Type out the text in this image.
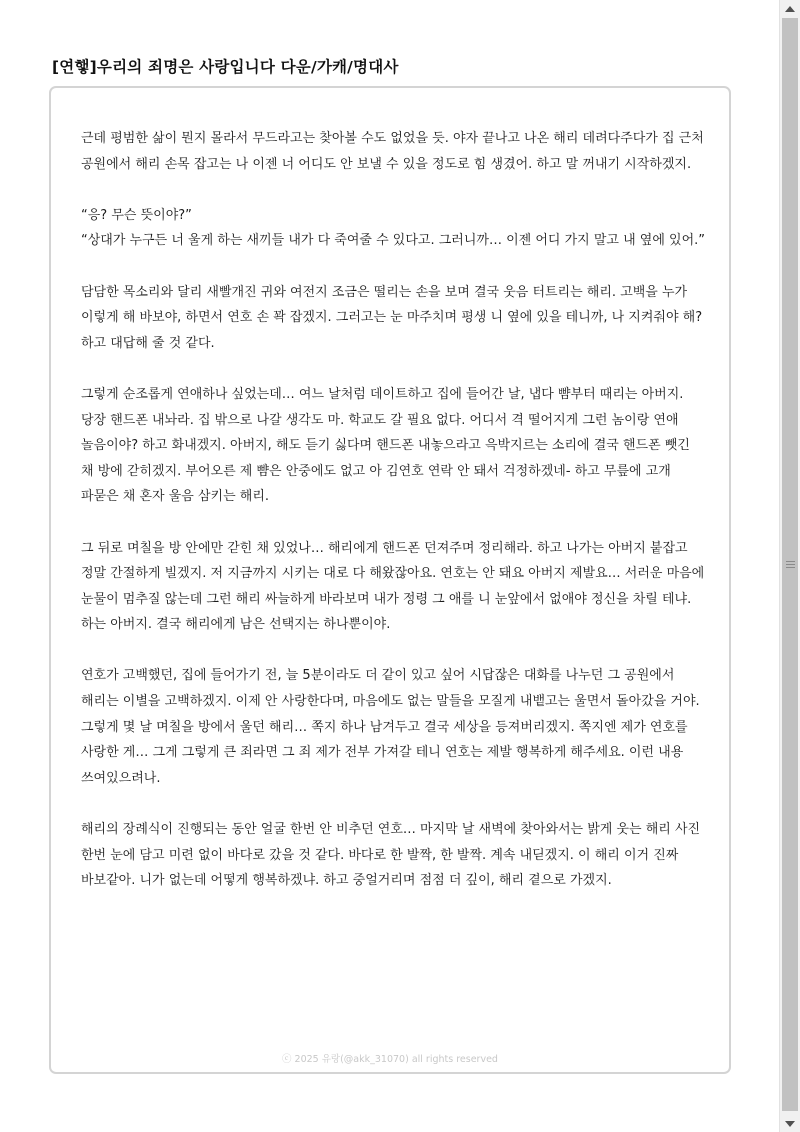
[연햏]우리의 죄명은 사랑입니다 다운/가캐/명대사

근데 평범한 삶이 뭔지 몰라서 무드라고는 찾아볼 수도 없었을 듯. 야자 끝나고 나온 해리 데려다주다가 집 근처 공원에서 해리 손목 잡고는 나 이젠 너 어디도 안 보낼 수 있을 정도로 힘 생겼어. 하고 말 꺼내기 시작하겠지.

“응? 무슨 뜻이야?”

“상대가 누구든 너 울게 하는 새끼들 내가 다 죽여줄 수 있다고. 그러니까… 이젠 어디 가지 말고 내 옆에 있어.”

담담한 목소리와 달리 새빨개진 귀와 여전지 조금은 떨리는 손을 보며 결국 웃음 터트리는 해리. 고백을 누가 이렇게 해 바보야, 하면서 연호 손 꽉 잡겠지. 그러고는 눈 마주치며 평생 니 옆에 있을 테니까, 나 지켜줘야 해? 하고 대답해 줄 것 같다.

그렇게 순조롭게 연애하나 싶었는데… 여느 날처럼 데이트하고 집에 들어간 날, 냅다 뺨부터 때리는 아버지. 당장 핸드폰 내놔라. 집 밖으로 나갈 생각도 마. 학교도 갈 필요 없다. 어디서 격 떨어지게 그런 놈이랑 연애 놀음이야? 하고 화내겠지. 아버지, 해도 듣기 싫다며 핸드폰 내놓으라고 윽박지르는 소리에 결국 핸드폰 뺏긴 채 방에 갇히겠지. 부어오른 제 뺨은 안중에도 없고 아 김연호 연락 안 돼서 걱정하겠네- 하고 무릎에 고개 파묻은 채 혼자 울음 삼키는 해리.

그 뒤로 며칠을 방 안에만 갇힌 채 있었나… 해리에게 핸드폰 던져주며 정리해라. 하고 나가는 아버지 붙잡고 정말 간절하게 빌겠지. 저 지금까지 시키는 대로 다 해왔잖아요. 연호는 안 돼요 아버지 제발요… 서러운 마음에 눈물이 멈추질 않는데 그런 해리 싸늘하게 바라보며 내가 정령 그 애를 니 눈앞에서 없애야 정신을 차릴 테냐. 하는 아버지. 결국 해리에게 남은 선택지는 하나뿐이야.

연호가 고백했던, 집에 들어가기 전, 늘 5분이라도 더 같이 있고 싶어 시답잖은 대화를 나누던 그 공원에서 해리는 이별을 고백하겠지. 이제 안 사랑한다며, 마음에도 없는 말들을 모질게 내뱉고는 울면서 돌아갔을 거야. 그렇게 몇 날 며칠을 방에서 울던 해리… 쪽지 하나 남겨두고 결국 세상을 등져버리겠지. 쪽지엔 제가 연호를 사랑한 게… 그게 그렇게 큰 죄라면 그 죄 제가 전부 가져갈 테니 연호는 제발 행복하게 해주세요. 이런 내용 쓰여있으려나.

해리의 장례식이 진행되는 동안 얼굴 한번 안 비추던 연호… 마지막 날 새벽에 찾아와서는 밝게 웃는 해리 사진 한번 눈에 담고 미련 없이 바다로 갔을 것 같다. 바다로 한 발짝, 한 발짝. 계속 내딛겠지. 이 해리 이거 진짜 바보같아. 니가 없는데 어떻게 행복하겠냐. 하고 중얼거리며 점점 더 깊이, 해리 곁으로 가겠지.

ⓒ 2025 유랑(@akk_31070) all rights reserved
